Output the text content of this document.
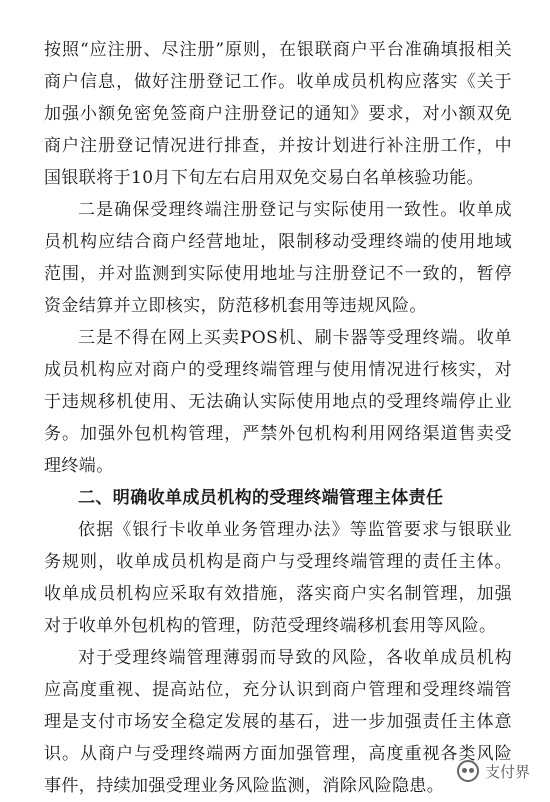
按照“应注册、尽注册”原则，在银联商户平台准确填报相关商户信息，做好注册登记工作。收单成员机构应落实《关于加强小额免密免签商户注册登记的通知》要求，对小额双免商户注册登记情况进行排查，并按计划进行补注册工作，中国银联将于10月下旬左右启用双免交易白名单核验功能。

二是确保受理终端注册登记与实际使用一致性。收单成员机构应结合商户经营地址，限制移动受理终端的使用地域范围，并对监测到实际使用地址与注册登记不一致的，暂停资金结算并立即核实，防范移机套用等违规风险。

三是不得在网上买卖POS机、刷卡器等受理终端。收单成员机构应对商户的受理终端管理与使用情况进行核实，对于违规移机使用、无法确认实际使用地点的受理终端停止业务。加强外包机构管理，严禁外包机构利用网络渠道售卖受理终端。

二、明确收单成员机构的受理终端管理主体责任

依据《银行卡收单业务管理办法》等监管要求与银联业务规则，收单成员机构是商户与受理终端管理的责任主体。收单成员机构应采取有效措施，落实商户实名制管理，加强对于收单外包机构的管理，防范受理终端移机套用等风险。

对于受理终端管理薄弱而导致的风险，各收单成员机构应高度重视、提高站位，充分认识到商户管理和受理终端管理是支付市场安全稳定发展的基石，进一步加强责任主体意识。从商户与受理终端两方面加强管理，高度重视各类风险事件，持续加强受理业务风险监测，消除风险隐患。

支付界
